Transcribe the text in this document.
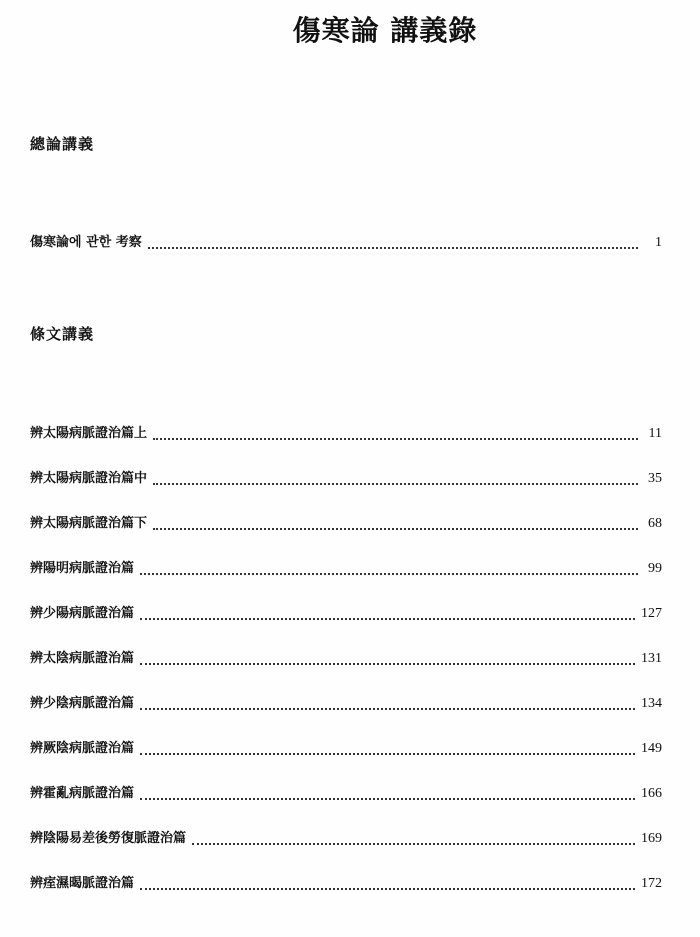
傷寒論 講義錄
總論講義
傷寒論에 관한 考察	1
條文講義
辨太陽病脈證治篇上	11
辨太陽病脈證治篇中	35
辨太陽病脈證治篇下	68
辨陽明病脈證治篇	99
辨少陽病脈證治篇	127
辨太陰病脈證治篇	131
辨少陰病脈證治篇	134
辨厥陰病脈證治篇	149
辨霍亂病脈證治篇	166
辨陰陽易差後勞復脈證治篇	169
辨痓濕暍脈證治篇	172
